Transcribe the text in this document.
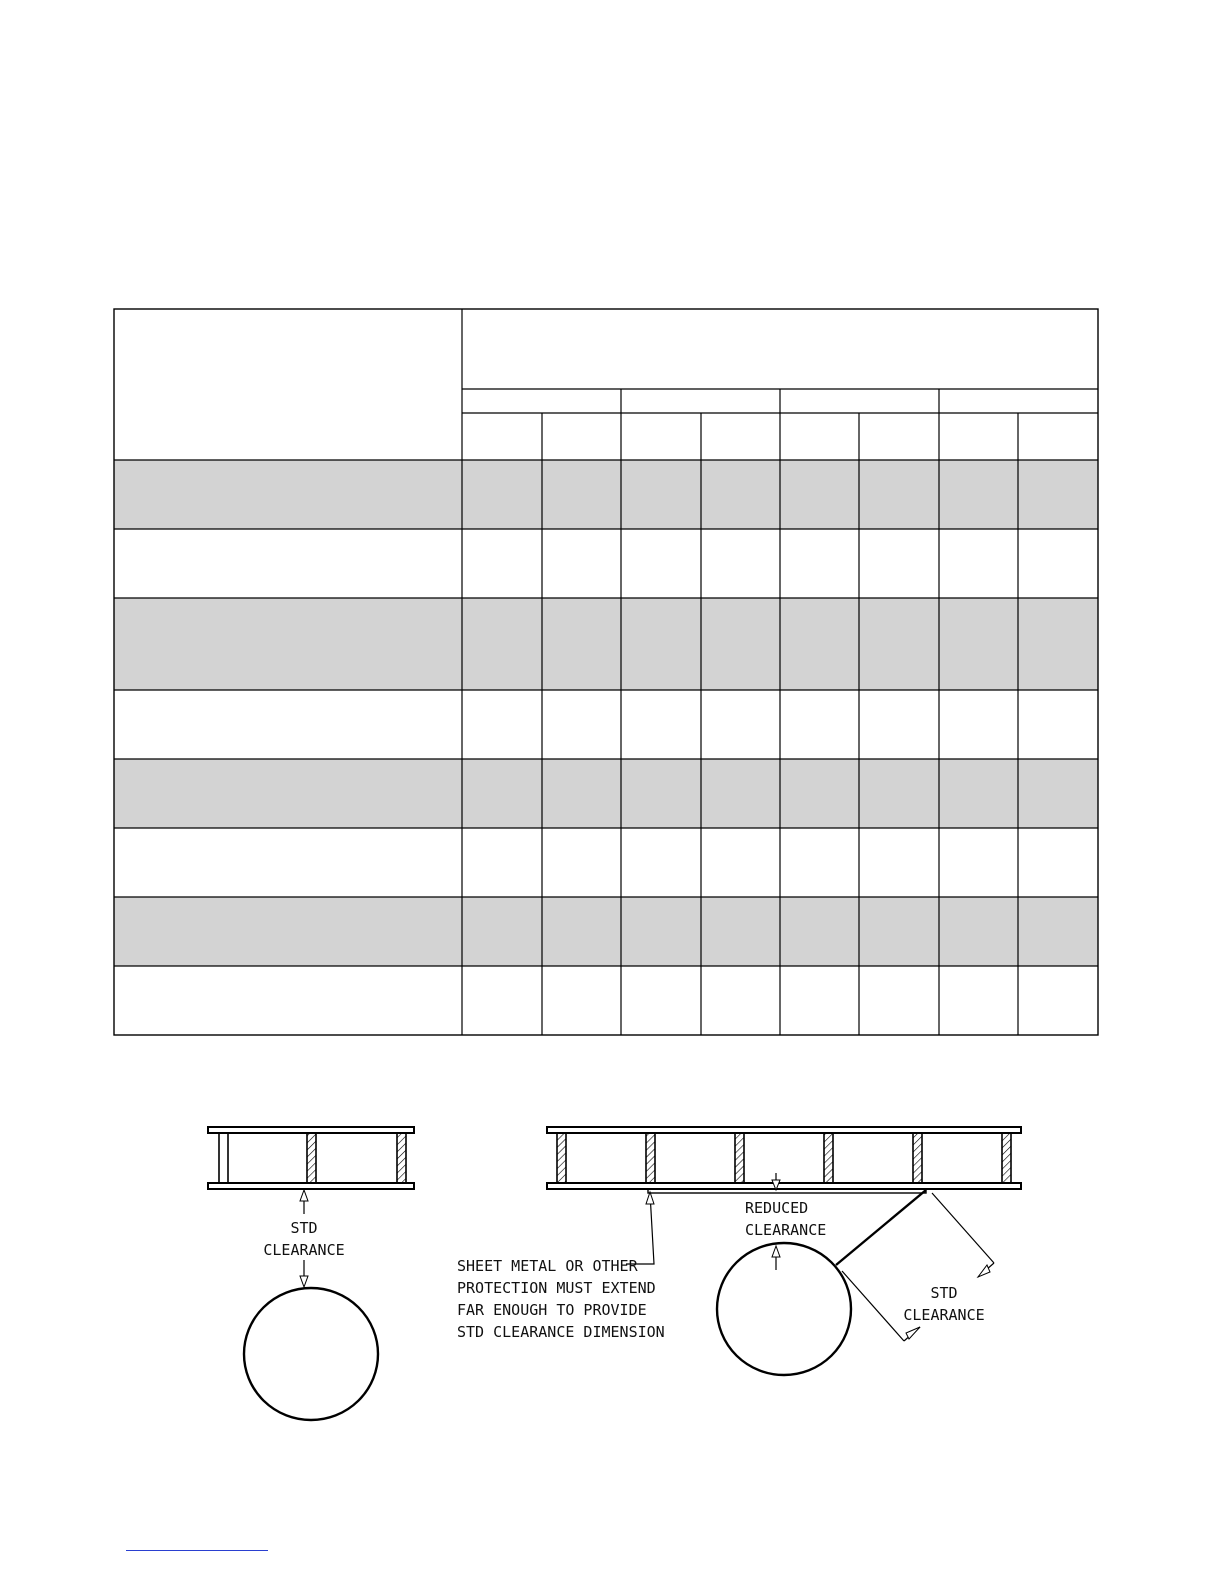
STD
CLEARANCE
REDUCED
CLEARANCE
SHEET METAL OR OTHER
PROTECTION MUST EXTEND
FAR ENOUGH TO PROVIDE
STD CLEARANCE DIMENSION
STD
CLEARANCE
